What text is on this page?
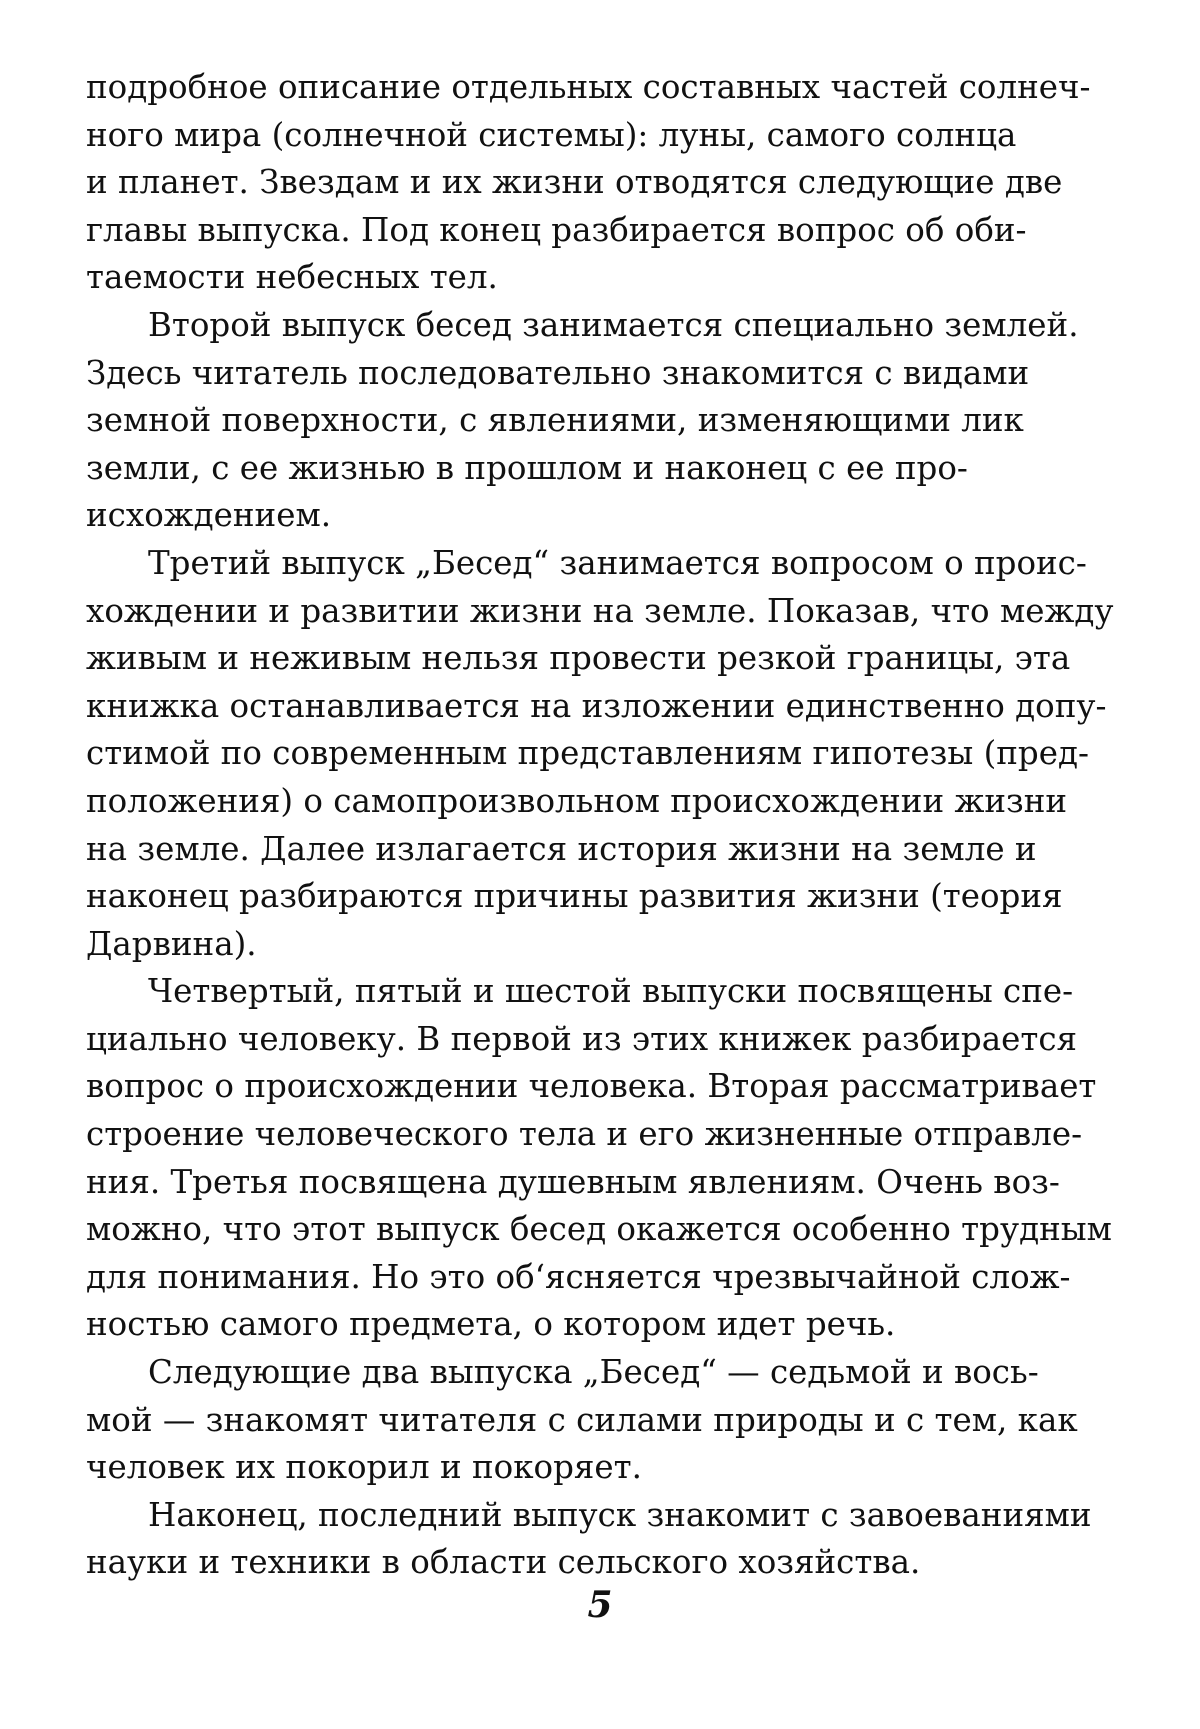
подробное описание отдельных составных частей солнеч-
ного мира (солнечной системы): луны, самого солнца
и планет. Звездам и их жизни отводятся следующие две
главы выпуска. Под конец разбирается вопрос об оби-
таемости небесных тел.

Второй выпуск бесед занимается специально землей.
Здесь читатель последовательно знакомится с видами
земной поверхности, с явлениями, изменяющими лик
земли, с ее жизнью в прошлом и наконец с ее про-
исхождением.

Третий выпуск „Бесед“ занимается вопросом о проис-
хождении и развитии жизни на земле. Показав, что между
живым и неживым нельзя провести резкой границы, эта
книжка останавливается на изложении единственно допу-
стимой по современным представлениям гипотезы (пред-
положения) о самопроизвольном происхождении жизни
на земле. Далее излагается история жизни на земле и
наконец разбираются причины развития жизни (теория
Дарвина).

Четвертый, пятый и шестой выпуски посвящены спе-
циально человеку. В первой из этих книжек разбирается
вопрос о происхождении человека. Вторая рассматривает
строение человеческого тела и его жизненные отправле-
ния. Третья посвящена душевным явлениям. Очень воз-
можно, что этот выпуск бесед окажется особенно трудным
для понимания. Но это об‘ясняется чрезвычайной слож-
ностью самого предмета, о котором идет речь.

Следующие два выпуска „Бесед“ — седьмой и вось-
мой — знакомят читателя с силами природы и с тем, как
человек их покорил и покоряет.

Наконец, последний выпуск знакомит с завоеваниями
науки и техники в области сельского хозяйства.

5
